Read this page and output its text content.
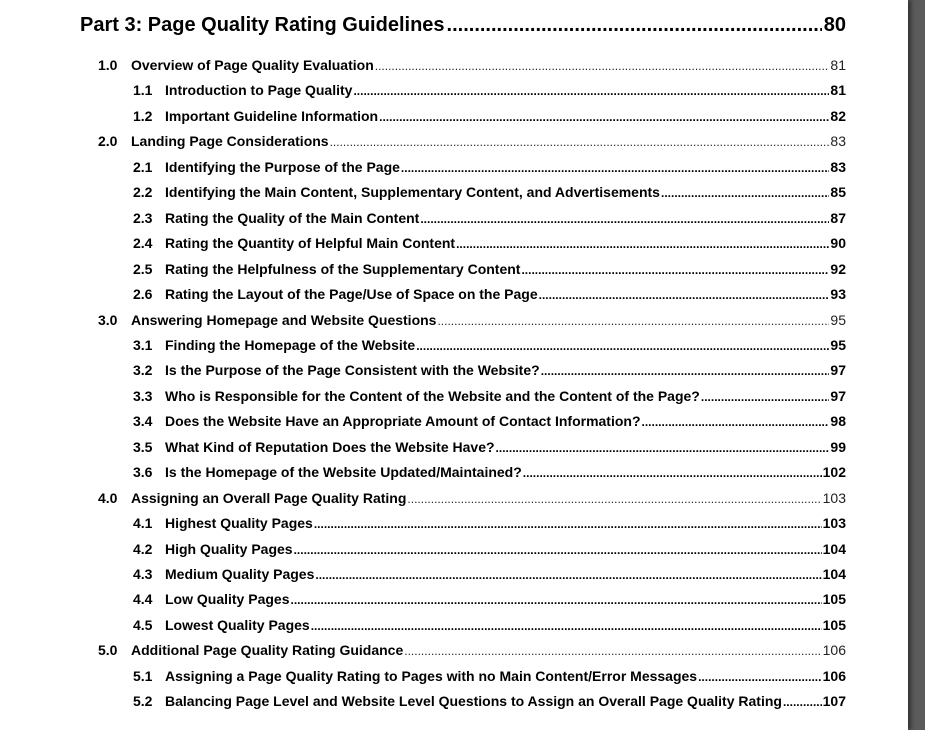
Part 3: Page Quality Rating Guidelines .....	80
1.0 Overview of Page Quality Evaluation .....	81
1.1 Introduction to Page Quality .....	81
1.2 Important Guideline Information .....	82
2.0 Landing Page Considerations .....	83
2.1 Identifying the Purpose of the Page .....	83
2.2 Identifying the Main Content, Supplementary Content, and Advertisements .....	85
2.3 Rating the Quality of the Main Content .....	87
2.4 Rating the Quantity of Helpful Main Content .....	90
2.5 Rating the Helpfulness of the Supplementary Content .....	92
2.6 Rating the Layout of the Page/Use of Space on the Page .....	93
3.0 Answering Homepage and Website Questions .....	95
3.1 Finding the Homepage of the Website .....	95
3.2 Is the Purpose of the Page Consistent with the Website? .....	97
3.3 Who is Responsible for the Content of the Website and the Content of the Page? .....	97
3.4 Does the Website Have an Appropriate Amount of Contact Information? .....	98
3.5 What Kind of Reputation Does the Website Have? .....	99
3.6 Is the Homepage of the Website Updated/Maintained? .....	102
4.0 Assigning an Overall Page Quality Rating .....	103
4.1 Highest Quality Pages .....	103
4.2 High Quality Pages .....	104
4.3 Medium Quality Pages .....	104
4.4 Low Quality Pages .....	105
4.5 Lowest Quality Pages .....	105
5.0 Additional Page Quality Rating Guidance .....	106
5.1 Assigning a Page Quality Rating to Pages with no Main Content/Error Messages .....	106
5.2 Balancing Page Level and Website Level Questions to Assign an Overall Page Quality Rating .....	107
